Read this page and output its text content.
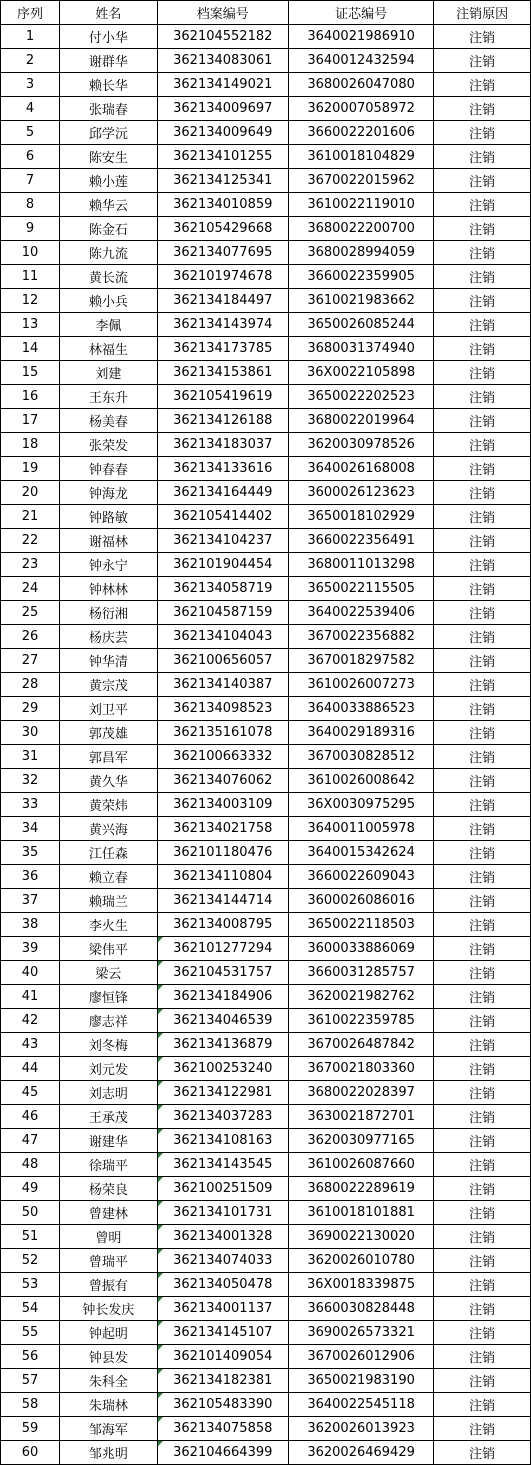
序列	姓名	档案编号	证芯编号	注销原因
1	付小华	362104552182	3640021986910	注销
2	谢群华	362134083061	3640012432594	注销
3	赖长华	362134149021	3680026047080	注销
4	张瑞春	362134009697	3620007058972	注销
5	邱学沅	362134009649	3660022201606	注销
6	陈安生	362134101255	3610018104829	注销
7	赖小莲	362134125341	3670022015962	注销
8	赖华云	362134010859	3610022119010	注销
9	陈金石	362105429668	3680022200700	注销
10	陈九流	362134077695	3680028994059	注销
11	黄长流	362101974678	3660022359905	注销
12	赖小兵	362134184497	3610021983662	注销
13	李佩	362134143974	3650026085244	注销
14	林福生	362134173785	3680031374940	注销
15	刘建	362134153861	36X0022105898	注销
16	王东升	362105419619	3650022202523	注销
17	杨美春	362134126188	3680022019964	注销
18	张荣发	362134183037	3620030978526	注销
19	钟春春	362134133616	3640026168008	注销
20	钟海龙	362134164449	3600026123623	注销
21	钟路敏	362105414402	3650018102929	注销
22	谢福林	362134104237	3660022356491	注销
23	钟永宁	362101904454	3680011013298	注销
24	钟林林	362134058719	3650022115505	注销
25	杨衍湘	362104587159	3640022539406	注销
26	杨庆芸	362134104043	3670022356882	注销
27	钟华清	362100656057	3670018297582	注销
28	黄宗茂	362134140387	3610026007273	注销
29	刘卫平	362134098523	3640033886523	注销
30	郭茂雄	362135161078	3640029189316	注销
31	郭昌军	362100663332	3670030828512	注销
32	黄久华	362134076062	3610026008642	注销
33	黄荣炜	362134003109	36X0030975295	注销
34	黄兴海	362134021758	3640011005978	注销
35	江任森	362101180476	3640015342624	注销
36	赖立春	362134110804	3660022609043	注销
37	赖瑞兰	362134144714	3600026086016	注销
38	李火生	362134008795	3650022118503	注销
39	梁伟平	362101277294	3600033886069	注销
40	梁云	362104531757	3660031285757	注销
41	廖恒锋	362134184906	3620021982762	注销
42	廖志祥	362134046539	3610022359785	注销
43	刘冬梅	362134136879	3670026487842	注销
44	刘元发	362100253240	3670021803360	注销
45	刘志明	362134122981	3680022028397	注销
46	王承茂	362134037283	3630021872701	注销
47	谢建华	362134108163	3620030977165	注销
48	徐瑞平	362134143545	3610026087660	注销
49	杨荣良	362100251509	3680022289619	注销
50	曾建林	362134101731	3610018101881	注销
51	曾明	362134001328	3690022130020	注销
52	曾瑞平	362134074033	3620026010780	注销
53	曾振有	362134050478	36X0018339875	注销
54	钟长发庆	362134001137	3660030828448	注销
55	钟起明	362134145107	3690026573321	注销
56	钟县发	362101409054	3670026012906	注销
57	朱科全	362134182381	3650021983190	注销
58	朱瑞林	362105483390	3640022545118	注销
59	邹海军	362134075858	3620026013923	注销
60	邹兆明	362104664399	3620026469429	注销
